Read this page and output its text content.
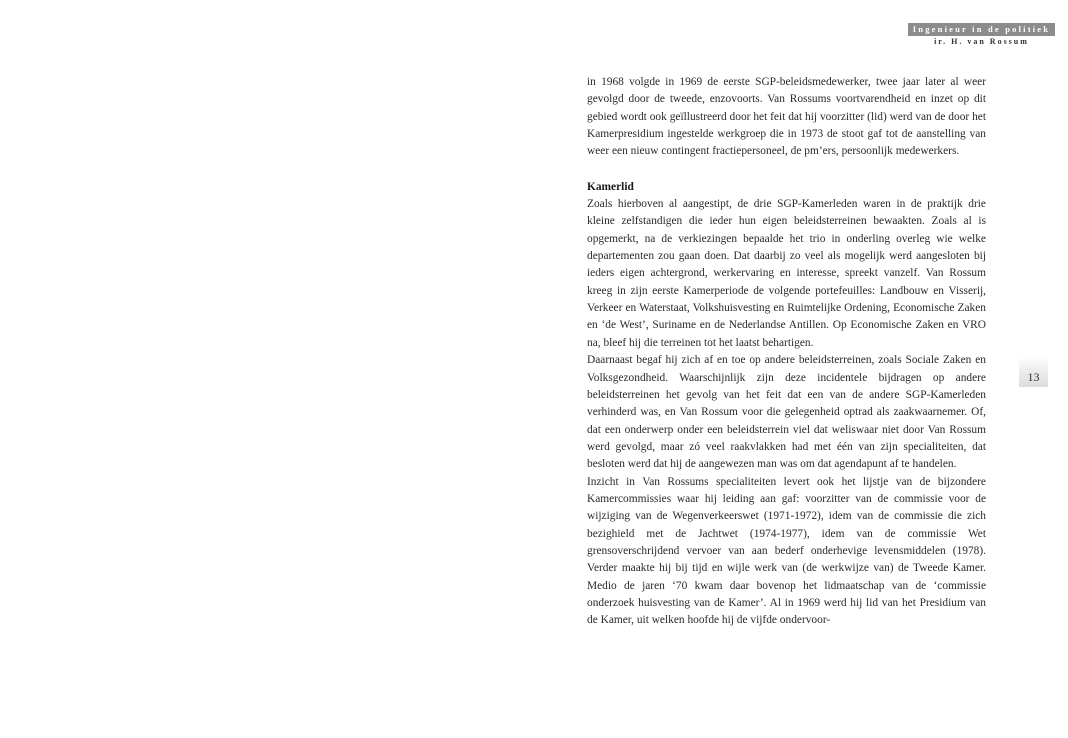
Ingenieur in de politiek
ir. H. van Rossum

in 1968 volgde in 1969 de eerste SGP-beleidsmedewerker, twee jaar later al weer gevolgd door de tweede, enzovoorts. Van Rossums voortvarendheid en inzet op dit gebied wordt ook geïllustreerd door het feit dat hij voorzitter (lid) werd van de door het Kamerpresidium ingestelde werkgroep die in 1973 de stoot gaf tot de aanstelling van weer een nieuw contingent fractiepersoneel, de pm’ers, persoonlijk medewerkers.

Kamerlid

Zoals hierboven al aangestipt, de drie SGP-Kamerleden waren in de praktijk drie kleine zelfstandigen die ieder hun eigen beleidsterreinen bewaakten. Zoals al is opgemerkt, na de verkiezingen bepaalde het trio in onderling overleg wie welke departementen zou gaan doen. Dat daarbij zo veel als mogelijk werd aangesloten bij ieders eigen achtergrond, werkervaring en interesse, spreekt vanzelf. Van Rossum kreeg in zijn eerste Kamerperiode de volgende portefeuilles: Landbouw en Visserij, Verkeer en Waterstaat, Volkshuisvesting en Ruimtelijke Ordening, Economische Zaken en ‘de West’, Suriname en de Nederlandse Antillen. Op Economische Zaken en VRO na, bleef hij die terreinen tot het laatst behartigen.

Daarnaast begaf hij zich af en toe op andere beleidsterreinen, zoals Sociale Zaken en Volksgezondheid. Waarschijnlijk zijn deze incidentele bijdragen op andere beleidsterreinen het gevolg van het feit dat een van de andere SGP-Kamerleden verhinderd was, en Van Rossum voor die gelegenheid optrad als zaakwaarnemer. Of, dat een onderwerp onder een beleidsterrein viel dat weliswaar niet door Van Rossum werd gevolgd, maar zó veel raakvlakken had met één van zijn specialiteiten, dat besloten werd dat hij de aangewezen man was om dat agendapunt af te handelen.

Inzicht in Van Rossums specialiteiten levert ook het lijstje van de bijzondere Kamercommissies waar hij leiding aan gaf: voorzitter van de commissie voor de wijziging van de Wegenverkeerswet (1971-1972), idem van de commissie die zich bezighield met de Jachtwet (1974-1977), idem van de commissie Wet grensoverschrijdend vervoer van aan bederf onderhevige levensmiddelen (1978). Verder maakte hij bij tijd en wijle werk van (de werkwijze van) de Tweede Kamer. Medio de jaren ‘70 kwam daar bovenop het lidmaatschap van de ‘commissie onderzoek huisvesting van de Kamer’. Al in 1969 werd hij lid van het Presidium van de Kamer, uit welken hoofde hij de vijfde ondervoor-

13
